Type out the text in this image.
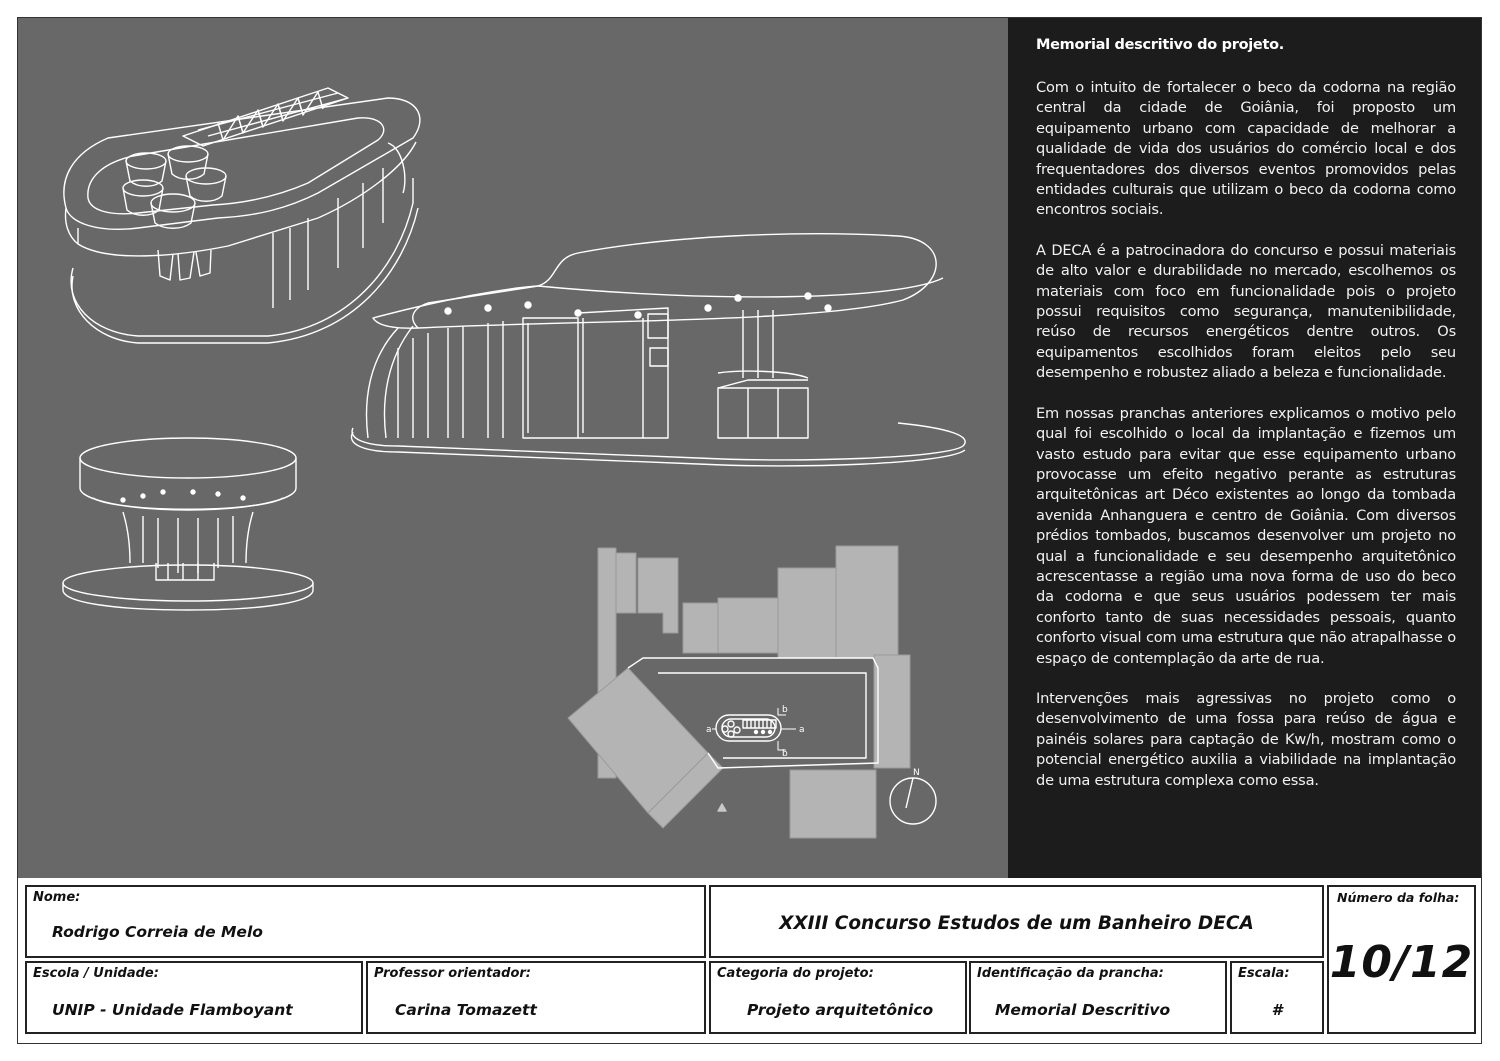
a	a
b
b
N
Memorial descritivo do projeto.

Com o intuito de fortalecer o beco da codorna na região central da cidade de Goiânia, foi proposto um equipamento urbano com capacidade de melhorar a qualidade de vida dos usuários do comércio local e dos frequentadores dos diversos eventos promovidos pelas entidades culturais que utilizam o beco da codorna como encontros sociais.

A DECA é a patrocinadora do concurso e possui materiais de alto valor e durabilidade no mercado, escolhemos os materiais com foco em funcionalidade pois o projeto possui requisitos como segurança, manutenibilidade, reúso de recursos energéticos dentre outros. Os equipamentos escolhidos foram eleitos pelo seu desempenho e robustez aliado a beleza e funcionalidade.

Em nossas pranchas anteriores explicamos o motivo pelo qual foi escolhido o local da implantação e fizemos um vasto estudo para evitar que esse equipamento urbano provocasse um efeito negativo perante as estruturas arquitetônicas art Déco existentes ao longo da tombada avenida Anhanguera e centro de Goiânia. Com diversos prédios tombados, buscamos desenvolver um projeto no qual a funcionalidade e seu desempenho arquitetônico acrescentasse a região uma nova forma de uso do beco da codorna e que seus usuários podessem ter mais conforto tanto de suas necessidades pessoais, quanto conforto visual com uma estrutura que não atrapalhasse o espaço de contemplação da arte de rua.

Intervenções mais agressivas no projeto como o desenvolvimento de uma fossa para reúso de água e painéis solares para captação de Kw/h, mostram como o potencial energético auxilia a viabilidade na implantação de uma estrutura complexa como essa.

Nome:
Rodrigo Correia de Melo	XXIII Concurso Estudos de um Banheiro DECA
Número da folha:
10/12
Escola / Unidade:
UNIP - Unidade Flamboyant
Professor orientador:
Carina Tomazett
Categoria do projeto:
Projeto arquitetônico
Identificação da prancha:
Memorial Descritivo
Escala:
#
